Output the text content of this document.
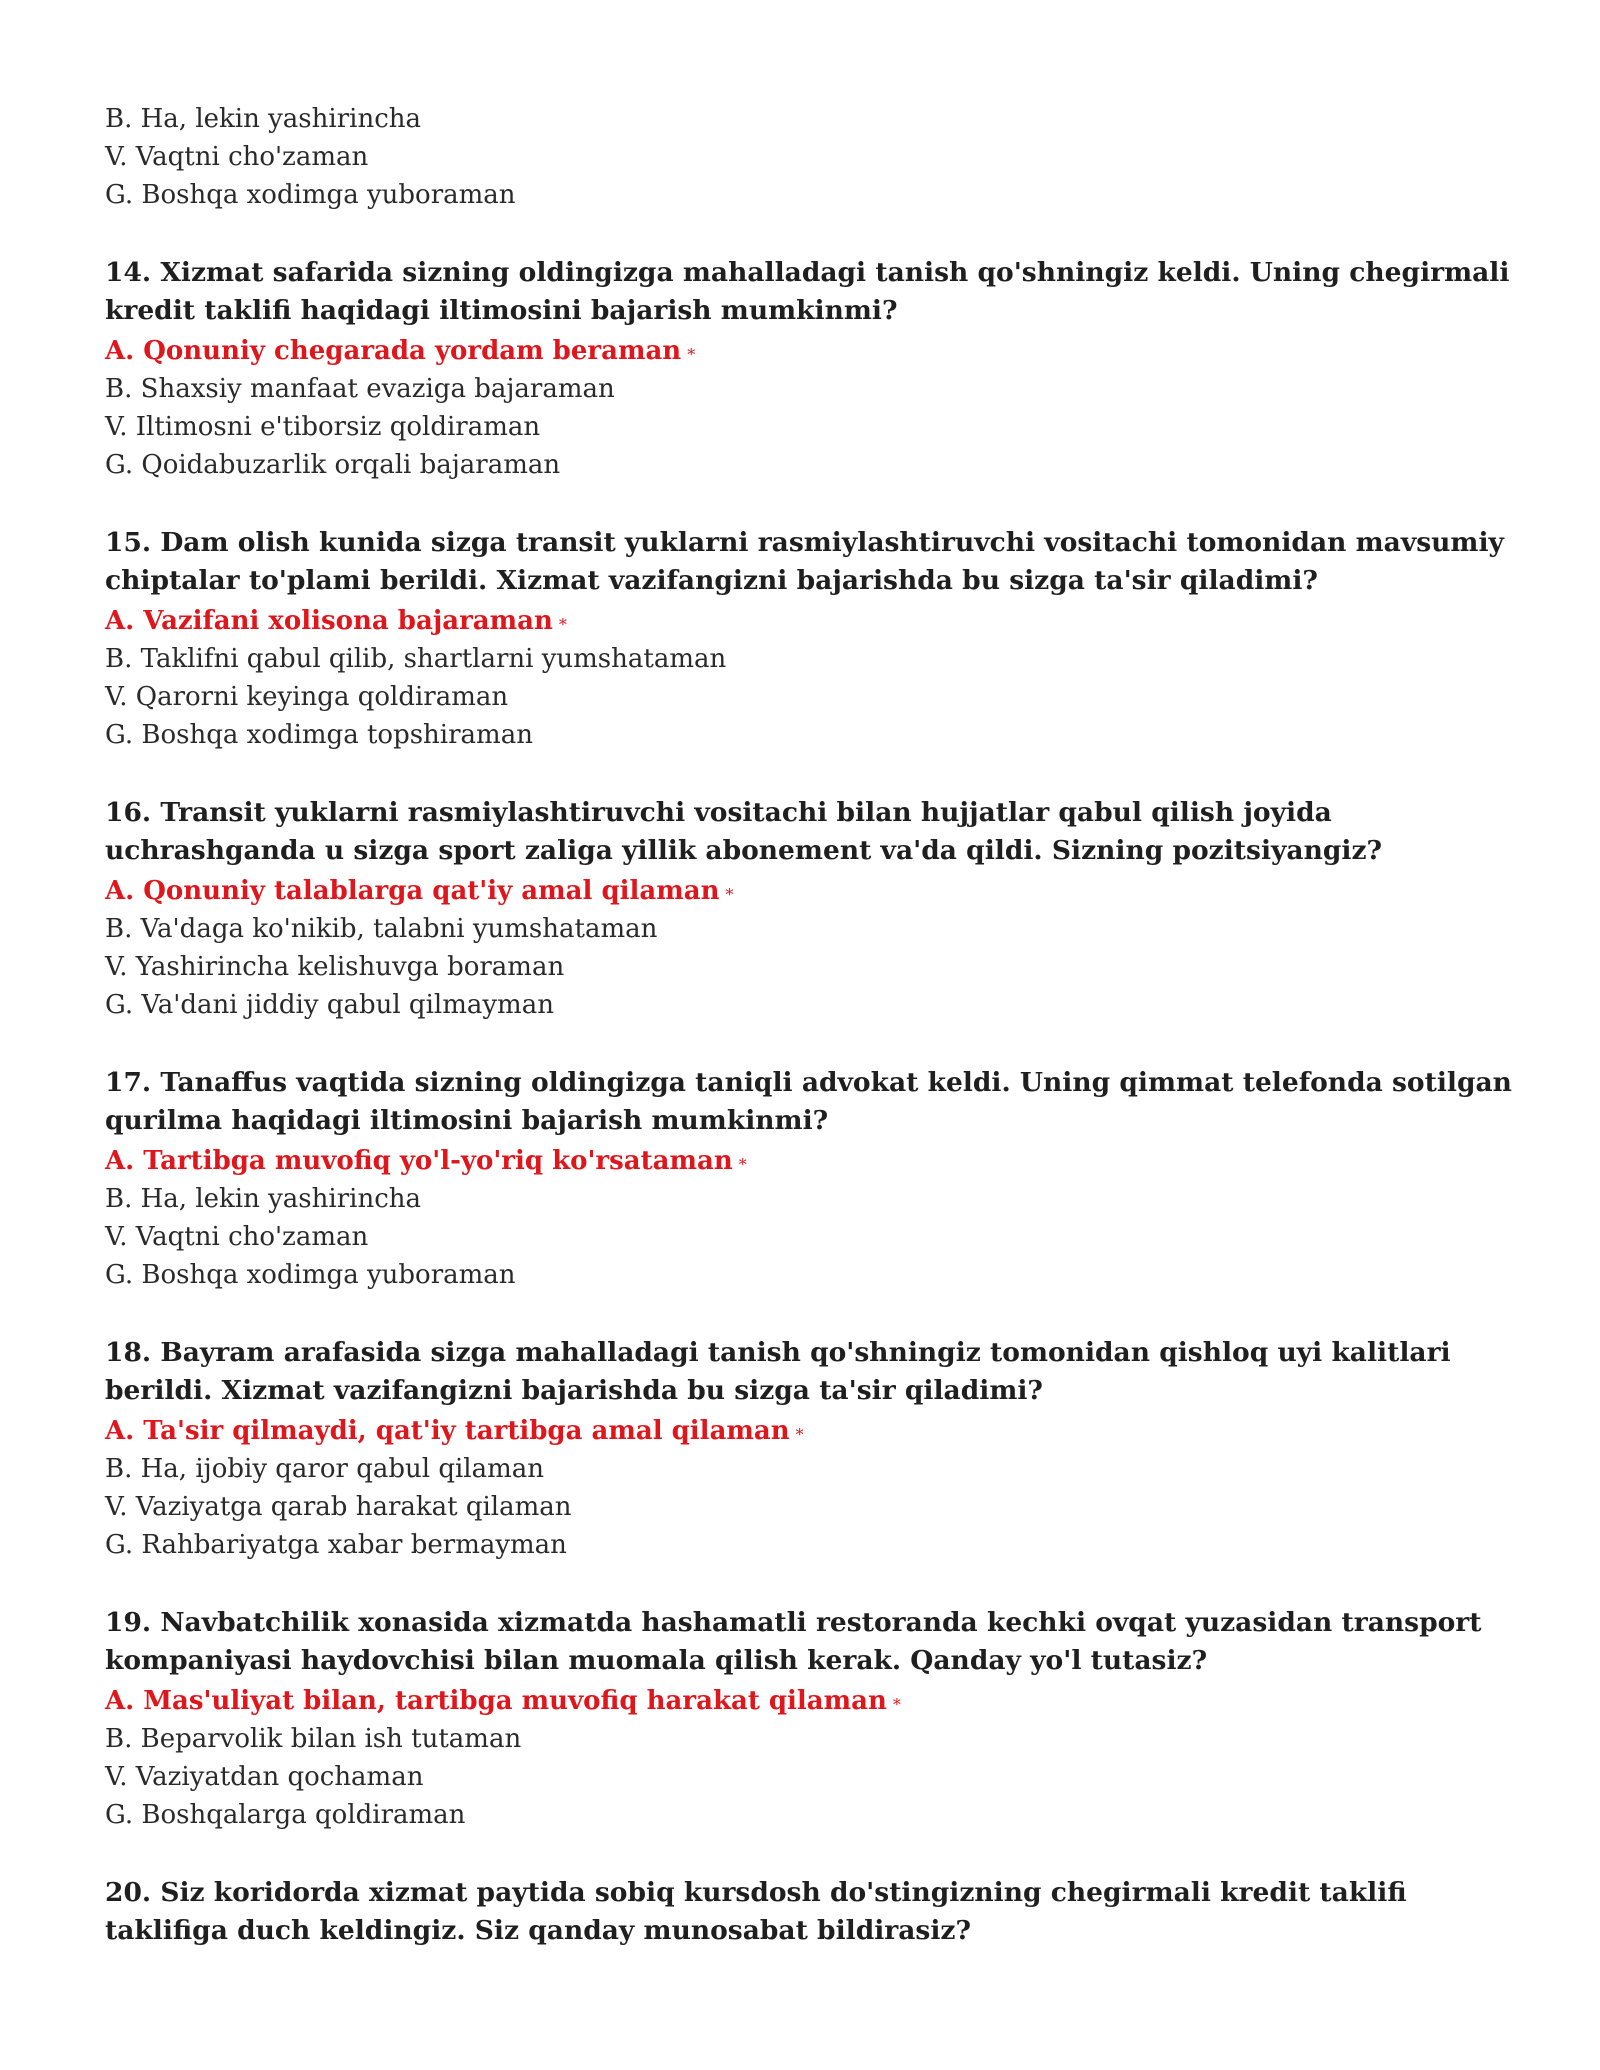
B. Ha, lekin yashirincha

V. Vaqtni cho'zaman

G. Boshqa xodimga yuboraman

14. Xizmat safarida sizning oldingizga mahalladagi tanish qo'shningiz keldi. Uning chegirmali kredit taklifi haqidagi iltimosini bajarish mumkinmi?

A. Qonuniy chegarada yordam beraman *

B. Shaxsiy manfaat evaziga bajaraman

V. Iltimosni e'tiborsiz qoldiraman

G. Qoidabuzarlik orqali bajaraman

15. Dam olish kunida sizga transit yuklarni rasmiylashtiruvchi vositachi tomonidan mavsumiy chiptalar to'plami berildi. Xizmat vazifangizni bajarishda bu sizga ta'sir qiladimi?

A. Vazifani xolisona bajaraman *

B. Taklifni qabul qilib, shartlarni yumshataman

V. Qarorni keyinga qoldiraman

G. Boshqa xodimga topshiraman

16. Transit yuklarni rasmiylashtiruvchi vositachi bilan hujjatlar qabul qilish joyida uchrashganda u sizga sport zaliga yillik abonement va'da qildi. Sizning pozitsiyangiz?

A. Qonuniy talablarga qat'iy amal qilaman *

B. Va'daga ko'nikib, talabni yumshataman

V. Yashirincha kelishuvga boraman

G. Va'dani jiddiy qabul qilmayman

17. Tanaffus vaqtida sizning oldingizga taniqli advokat keldi. Uning qimmat telefonda sotilgan qurilma haqidagi iltimosini bajarish mumkinmi?

A. Tartibga muvofiq yo'l-yo'riq ko'rsataman *

B. Ha, lekin yashirincha

V. Vaqtni cho'zaman

G. Boshqa xodimga yuboraman

18. Bayram arafasida sizga mahalladagi tanish qo'shningiz tomonidan qishloq uyi kalitlari berildi. Xizmat vazifangizni bajarishda bu sizga ta'sir qiladimi?

A. Ta'sir qilmaydi, qat'iy tartibga amal qilaman *

B. Ha, ijobiy qaror qabul qilaman

V. Vaziyatga qarab harakat qilaman

G. Rahbariyatga xabar bermayman

19. Navbatchilik xonasida xizmatda hashamatli restoranda kechki ovqat yuzasidan transport kompaniyasi haydovchisi bilan muomala qilish kerak. Qanday yo'l tutasiz?

A. Mas'uliyat bilan, tartibga muvofiq harakat qilaman *

B. Beparvolik bilan ish tutaman

V. Vaziyatdan qochaman

G. Boshqalarga qoldiraman

20. Siz koridorda xizmat paytida sobiq kursdosh do'stingizning chegirmali kredit taklifi taklifiga duch keldingiz. Siz qanday munosabat bildirasiz?
